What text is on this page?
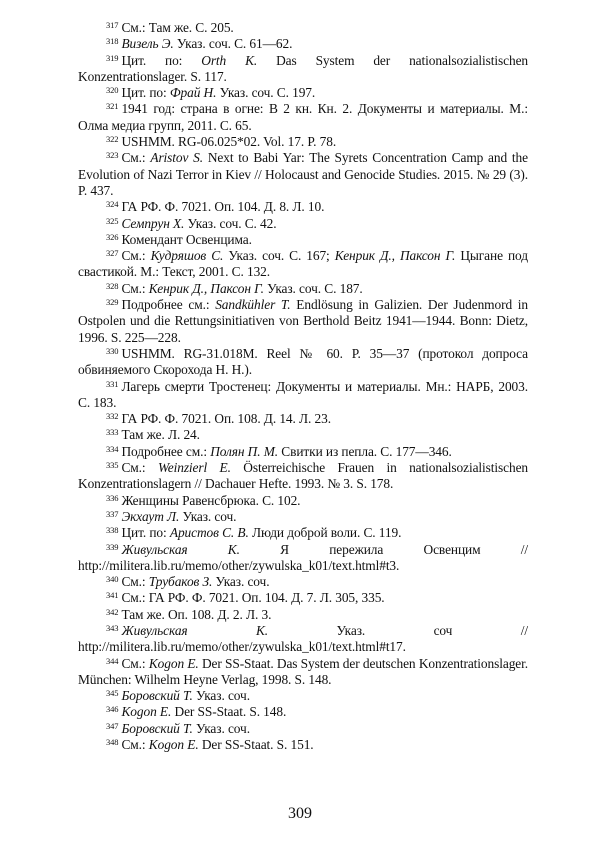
$^{317}$ См.: Там же. С. 205.

$^{318}$ Визель Э. Указ. соч. С. 61—62.

$^{319}$ Цит. по: Orth K. Das System der nationalsozialistischen Konzentrationslager. S. 117.

$^{320}$ Цит. по: Фрай Н. Указ. соч. С. 197.

$^{321}$ 1941 год: страна в огне: В 2 кн. Кн. 2. Документы и материалы. М.: Олма медиа групп, 2011. С. 65.

$^{322}$ USHMM. RG-06.025*02. Vol. 17. P. 78.

$^{323}$ См.: Aristov S. Next to Babi Yar: The Syrets Concentration Camp and the Evolution of Nazi Terror in Kiev // Holocaust and Genocide Studies. 2015. № 29 (3). P. 437.

$^{324}$ ГА РФ. Ф. 7021. Оп. 104. Д. 8. Л. 10.

$^{325}$ Семпрун Х. Указ. соч. С. 42.

$^{326}$ Комендант Освенцима.

$^{327}$ См.: Кудряшов С. Указ. соч. С. 167; Кенрик Д., Паксон Г. Цыгане под свастикой. М.: Текст, 2001. С. 132.

$^{328}$ См.: Кенрик Д., Паксон Г. Указ. соч. С. 187.

$^{329}$ Подробнее см.: Sandkühler T. Endlösung in Galizien. Der Judenmord in Ostpolen und die Rettungsinitiativen von Berthold Beitz 1941—1944. Bonn: Dietz, 1996. S. 225—228.

$^{330}$ USHMM. RG-31.018M. Reel № 60. P. 35—37 (протокол допроса обвиняемого Скорохода Н. Н.).

$^{331}$ Лагерь смерти Тростенец: Документы и материалы. Мн.: НАРБ, 2003. С. 183.

$^{332}$ ГА РФ. Ф. 7021. Оп. 108. Д. 14. Л. 23.

$^{333}$ Там же. Л. 24.

$^{334}$ Подробнее см.: Полян П. М. Свитки из пепла. С. 177—346.

$^{335}$ См.: Weinzierl E. Österreichische Frauen in nationalsozialistischen Konzentrationslagern // Dachauer Hefte. 1993. № 3. S. 178.

$^{336}$ Женщины Равенсбрюка. С. 102.

$^{337}$ Экхаут Л. Указ. соч.

$^{338}$ Цит. по: Аристов С. В. Люди доброй воли. С. 119.

$^{339}$ Живульская К. Я пережила Освенцим // http://militera.lib.ru/memo/other/zywulska_k01/text.html#t3.

$^{340}$ См.: Трубаков З. Указ. соч.

$^{341}$ См.: ГА РФ. Ф. 7021. Оп. 104. Д. 7. Л. 305, 335.

$^{342}$ Там же. Оп. 108. Д. 2. Л. 3.

$^{343}$ Живульская К. Указ. соч // http://militera.lib.ru/memo/other/zywulska_k01/text.html#t17.

$^{344}$ См.: Kogon E. Der SS-Staat. Das System der deutschen Konzentrationslager. München: Wilhelm Heyne Verlag, 1998. S. 148.

$^{345}$ Боровский Т. Указ. соч.

$^{346}$ Kogon E. Der SS-Staat. S. 148.

$^{347}$ Боровский Т. Указ. соч.

$^{348}$ См.: Kogon E. Der SS-Staat. S. 151.

309
